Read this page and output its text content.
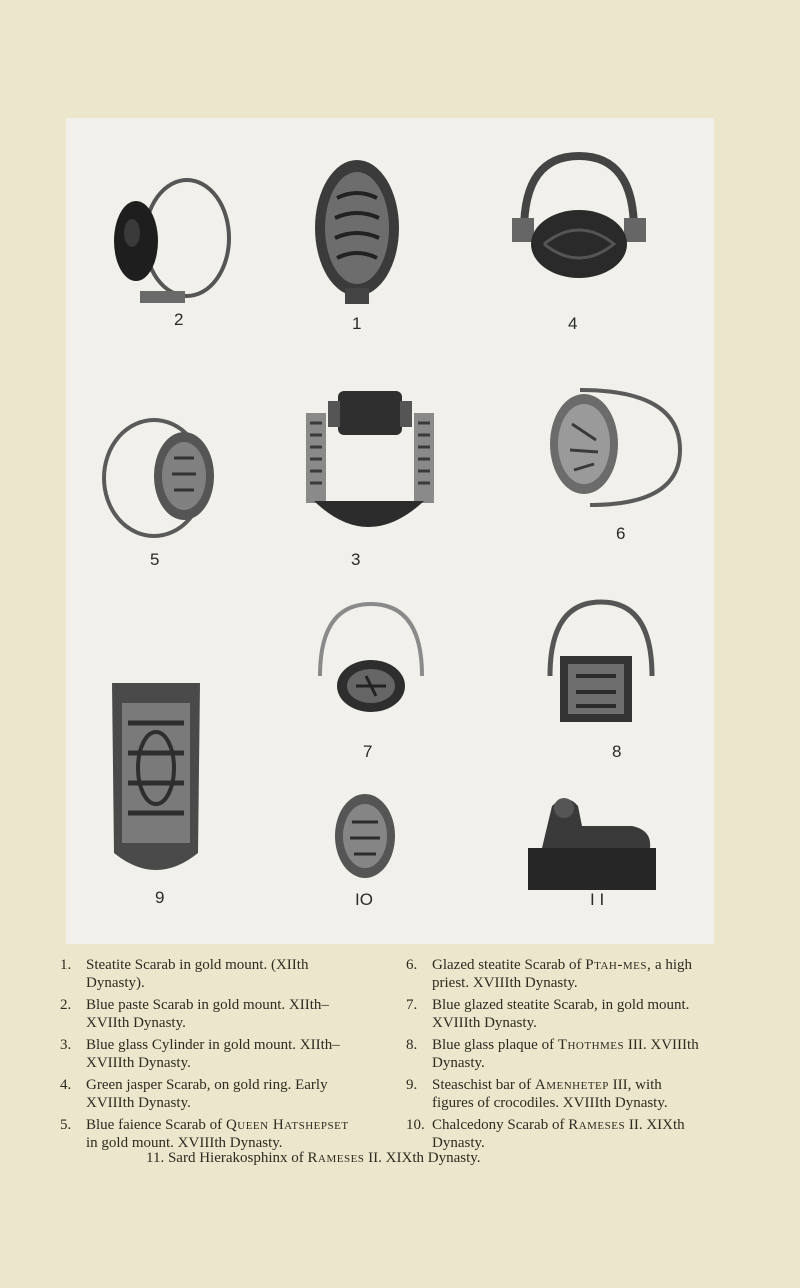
2	1	4
5	3
6
9
7	8
IO	I I
1. Steatite Scarab in gold mount. (XIIth Dynasty).
2. Blue paste Scarab in gold mount. XIIth–XVIIth Dynasty.
3. Blue glass Cylinder in gold mount. XIIth–XVIIIth Dynasty.
4. Green jasper Scarab, on gold ring. Early XVIIIth Dynasty.
5. Blue faience Scarab of Queen Hatshepset in gold mount. XVIIIth Dynasty.
6. Glazed steatite Scarab of Ptah-mes, a high priest. XVIIIth Dynasty.
7. Blue glazed steatite Scarab, in gold mount. XVIIIth Dynasty.
8. Blue glass plaque of Thothmes III. XVIIIth Dynasty.
9. Steaschist bar of Amenhetep III, with figures of crocodiles. XVIIIth Dynasty.
10. Chalcedony Scarab of Rameses II. XIXth Dynasty.
11. Sard Hierakosphinx of Rameses II. XIXth Dynasty.
